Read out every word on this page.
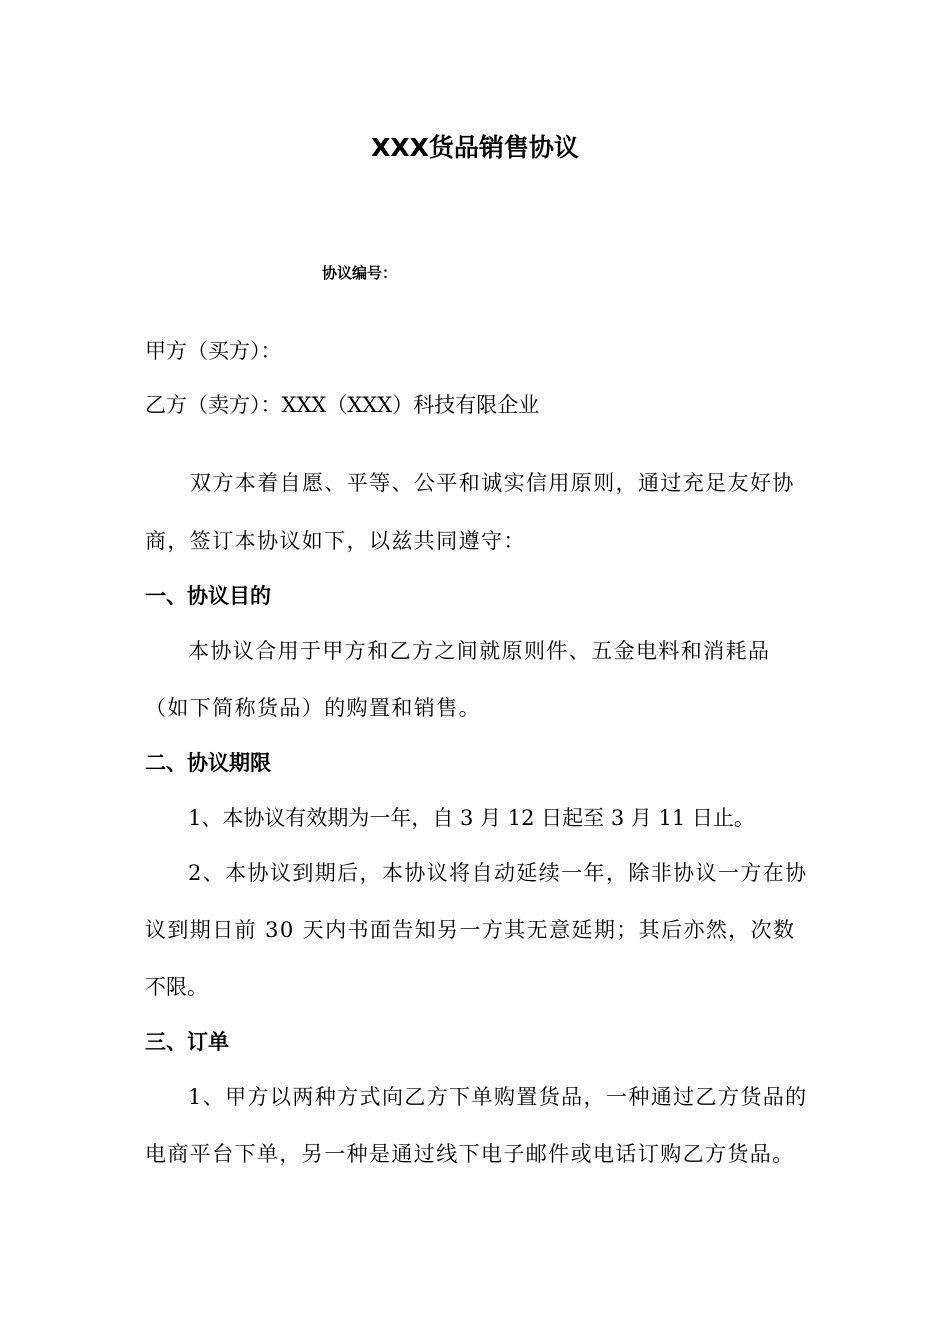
XXX货品销售协议
协议编号：
甲方（买方）：
乙方（卖方）：XXX（XXX）科技有限企业
双方本着自愿、平等、公平和诚实信用原则，通过充足友好协
商，签订本协议如下，以兹共同遵守：
一、协议目的
本协议合用于甲方和乙方之间就原则件、五金电料和消耗品
（如下简称货品）的购置和销售。
二、协议期限
1、本协议有效期为一年，自 3 月 12 日起至 3 月 11 日止。
2、本协议到期后，本协议将自动延续一年，除非协议一方在协
议到期日前 30 天内书面告知另一方其无意延期；其后亦然，次数
不限。
三、订单
1、甲方以两种方式向乙方下单购置货品，一种通过乙方货品的
电商平台下单，另一种是通过线下电子邮件或电话订购乙方货品。
